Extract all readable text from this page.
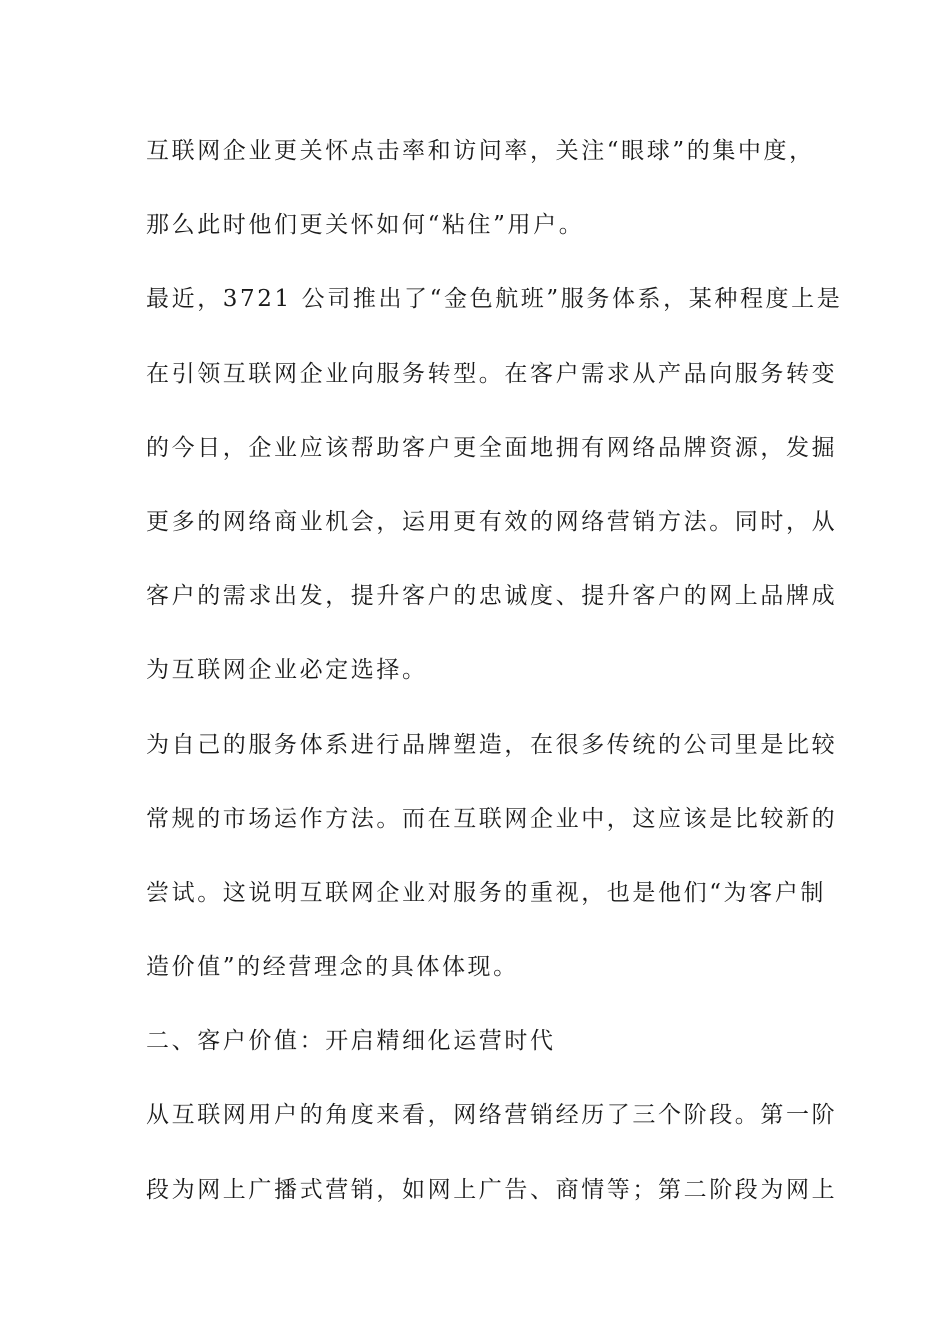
互联网企业更关怀点击率和访问率，关注“眼球”的集中度，
那么此时他们更关怀如何“粘住”用户。
最近，3721 公司推出了“金色航班”服务体系，某种程度上是
在引领互联网企业向服务转型。在客户需求从产品向服务转变
的今日，企业应该帮助客户更全面地拥有网络品牌资源，发掘
更多的网络商业机会，运用更有效的网络营销方法。同时，从
客户的需求出发，提升客户的忠诚度、提升客户的网上品牌成
为互联网企业必定选择。
为自己的服务体系进行品牌塑造，在很多传统的公司里是比较
常规的市场运作方法。而在互联网企业中，这应该是比较新的
尝试。这说明互联网企业对服务的重视，也是他们“为客户制
造价值”的经营理念的具体体现。
二、客户价值：开启精细化运营时代
从互联网用户的角度来看，网络营销经历了三个阶段。第一阶
段为网上广播式营销，如网上广告、商情等；第二阶段为网上
